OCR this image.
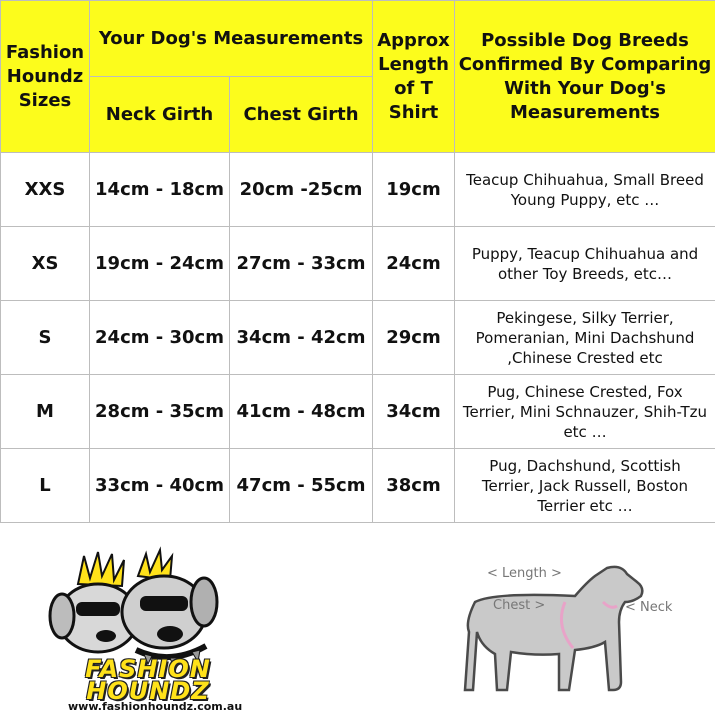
Fashion Houndz Sizes	Your Dog's Measurements		Approx Length of T Shirt	Possible Dog Breeds Confirmed By Comparing With Your Dog's Measurements
	Neck Girth	Chest Girth		
XXS	14cm - 18cm	20cm -25cm	19cm	Teacup Chihuahua, Small Breed Young Puppy, etc …
XS	19cm - 24cm	27cm - 33cm	24cm	Puppy, Teacup Chihuahua and other Toy Breeds, etc…
S	24cm - 30cm	34cm - 42cm	29cm	Pekingese, Silky Terrier, Pomeranian, Mini Dachshund ,Chinese Crested etc
M	28cm - 35cm	41cm - 48cm	34cm	Pug, Chinese Crested, Fox Terrier, Mini Schnauzer, Shih-Tzu etc …
L	33cm - 40cm	47cm - 55cm	38cm	Pug, Dachshund, Scottish Terrier, Jack Russell, Boston Terrier etc …
FASHION
HOUNDZ
www.fashionhoundz.com.au
< Length >
Chest >	< Neck
